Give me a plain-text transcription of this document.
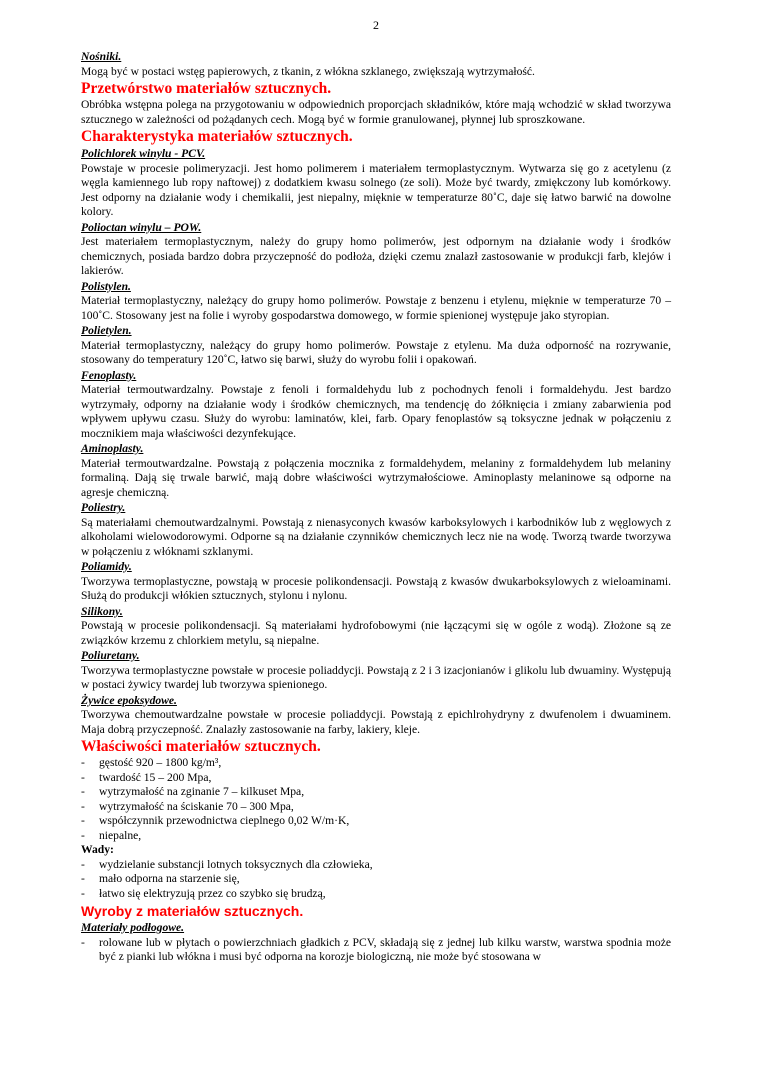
2
Nośniki.
Mogą być w postaci wstęg papierowych, z tkanin, z włókna szklanego, zwiększają wytrzymałość.
Przetwórstwo materiałów sztucznych.
Obróbka wstępna polega na przygotowaniu w odpowiednich proporcjach składników, które mają wchodzić w skład tworzywa sztucznego w zależności od pożądanych cech. Mogą być w formie granulowanej, płynnej lub sproszkowane.
Charakterystyka materiałów sztucznych.
Polichlorek winylu - PCV.
Powstaje w procesie polimeryzacji. Jest homo polimerem i materiałem termoplastycznym. Wytwarza się go z acetylenu (z węgla kamiennego lub ropy naftowej) z dodatkiem kwasu solnego (ze soli). Może być twardy, zmiękczony lub komórkowy. Jest odporny na działanie wody i chemikalii, jest niepalny, mięknie w temperaturze 80˚C, daje się łatwo barwić na dowolne kolory.
Polioctan winylu – POW.
Jest materiałem termoplastycznym, należy do grupy homo polimerów, jest odpornym na działanie wody i środków chemicznych, posiada bardzo dobra przyczepność do podłoża, dzięki czemu znalazł zastosowanie w produkcji farb, klejów i lakierów.
Polistylen.
Materiał termoplastyczny, należący do grupy homo polimerów. Powstaje z benzenu i etylenu, mięknie w temperaturze 70 – 100˚C. Stosowany jest na folie i wyroby gospodarstwa domowego, w formie spienionej występuje jako styropian.
Polietylen.
Materiał termoplastyczny, należący do grupy homo polimerów. Powstaje z etylenu. Ma duża odporność na rozrywanie, stosowany do temperatury 120˚C, łatwo się barwi, służy do wyrobu folii i opakowań.
Fenoplasty.
Materiał termoutwardzalny. Powstaje z fenoli i formaldehydu lub z pochodnych fenoli i formaldehydu. Jest bardzo wytrzymały, odporny na działanie wody i środków chemicznych, ma tendencję do żółknięcia i zmiany zabarwienia pod wpływem upływu czasu. Służy do wyrobu: laminatów, klei, farb. Opary fenoplastów są toksyczne jednak w połączeniu z mocznikiem maja właściwości dezynfekujące.
Aminoplasty.
Materiał termoutwardzalne. Powstają z połączenia mocznika z formaldehydem, melaniny z formaldehydem lub melaniny formaliną. Dają się trwale barwić, mają dobre właściwości wytrzymałościowe. Aminoplasty melaninowe są odporne na agresje chemiczną.
Poliestry.
Są materiałami chemoutwardzalnymi. Powstają z nienasyconych kwasów karboksylowych i karbodników lub z węglowych z alkoholami wielowodorowymi. Odporne są na działanie czynników chemicznych lecz nie na wodę. Tworzą twarde tworzywa w połączeniu z włóknami szklanymi.
Poliamidy.
Tworzywa termoplastyczne, powstają w procesie polikondensacji. Powstają z kwasów dwukarboksylowych z wieloaminami. Służą do produkcji włókien sztucznych, stylonu i nylonu.
Silikony.
Powstają w procesie polikondensacji. Są materiałami hydrofobowymi (nie łączącymi się w ogóle z wodą). Złożone są ze związków krzemu z chlorkiem metylu, są niepalne.
Poliuretany.
Tworzywa termoplastyczne powstałe w procesie poliaddycji. Powstają z 2 i 3 izacjonianów i glikolu lub dwuaminy. Występują w postaci żywicy twardej lub tworzywa spienionego.
Żywice epoksydowe.
Tworzywa chemoutwardzalne powstałe w procesie poliaddycji. Powstają z epichlrohydryny z dwufenolem i dwuaminem. Maja dobrą przyczepność. Znalazły zastosowanie na farby, lakiery, kleje.
Właściwości materiałów sztucznych.
-	gęstość 920 – 1800 kg/m³,
-	twardość 15 – 200 Mpa,
-	wytrzymałość na zginanie 7 – kilkuset Mpa,
-	wytrzymałość na ściskanie 70 – 300 Mpa,
-	współczynnik przewodnictwa cieplnego 0,02 W/m·K,
-	niepalne,
Wady:
-	wydzielanie substancji lotnych toksycznych dla człowieka,
-	mało odporna na starzenie się,
-	łatwo się elektryzują przez co szybko się brudzą,
Wyroby z materiałów sztucznych.
Materiały podłogowe.
-	rolowane lub w płytach o powierzchniach gładkich z PCV, składają się z jednej lub kilku warstw, warstwa spodnia może być z pianki lub włókna i musi być odporna na korozje biologiczną, nie może być stosowana w
